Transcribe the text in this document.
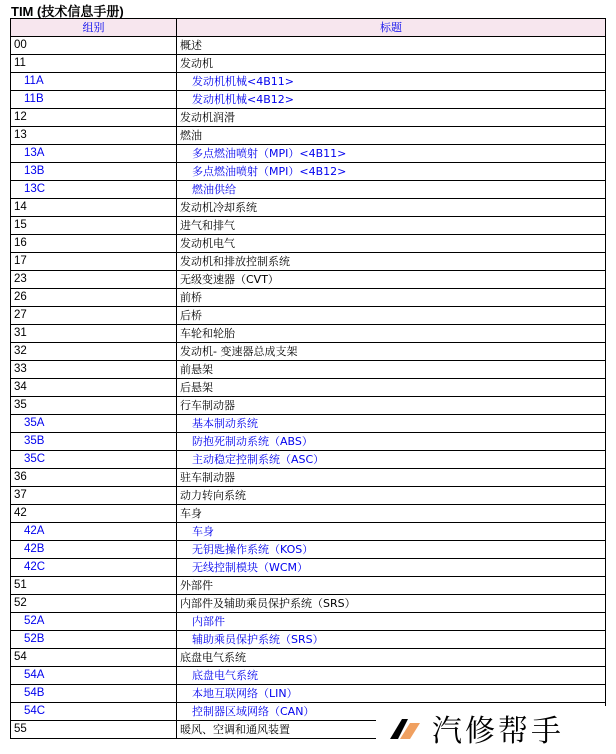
TIM (技术信息手册)
组别	标题
00	概述
11	发动机
11A	发动机机械<4B11>
11B	发动机机械<4B12>
12	发动机润滑
13	燃油
13A	多点燃油喷射（MPI）<4B11>
13B	多点燃油喷射（MPI）<4B12>
13C	燃油供给
14	发动机冷却系统
15	进气和排气
16	发动机电气
17	发动机和排放控制系统
23	无级变速器（CVT）
26	前桥
27	后桥
31	车轮和轮胎
32	发动机- 变速器总成支架
33	前悬架
34	后悬架
35	行车制动器
35A	基本制动系统
35B	防抱死制动系统（ABS）
35C	主动稳定控制系统（ASC）
36	驻车制动器
37	动力转向系统
42	车身
42A	车身
42B	无钥匙操作系统（KOS）
42C	无线控制模块（WCM）
51	外部件
52	内部件及辅助乘员保护系统（SRS）
52A	内部件
52B	辅助乘员保护系统（SRS）
54	底盘电气系统
54A	底盘电气系统
54B	本地互联网络（LIN）
54C	控制器区域网络（CAN）
55	暖风、空调和通风装置	汽修帮手
